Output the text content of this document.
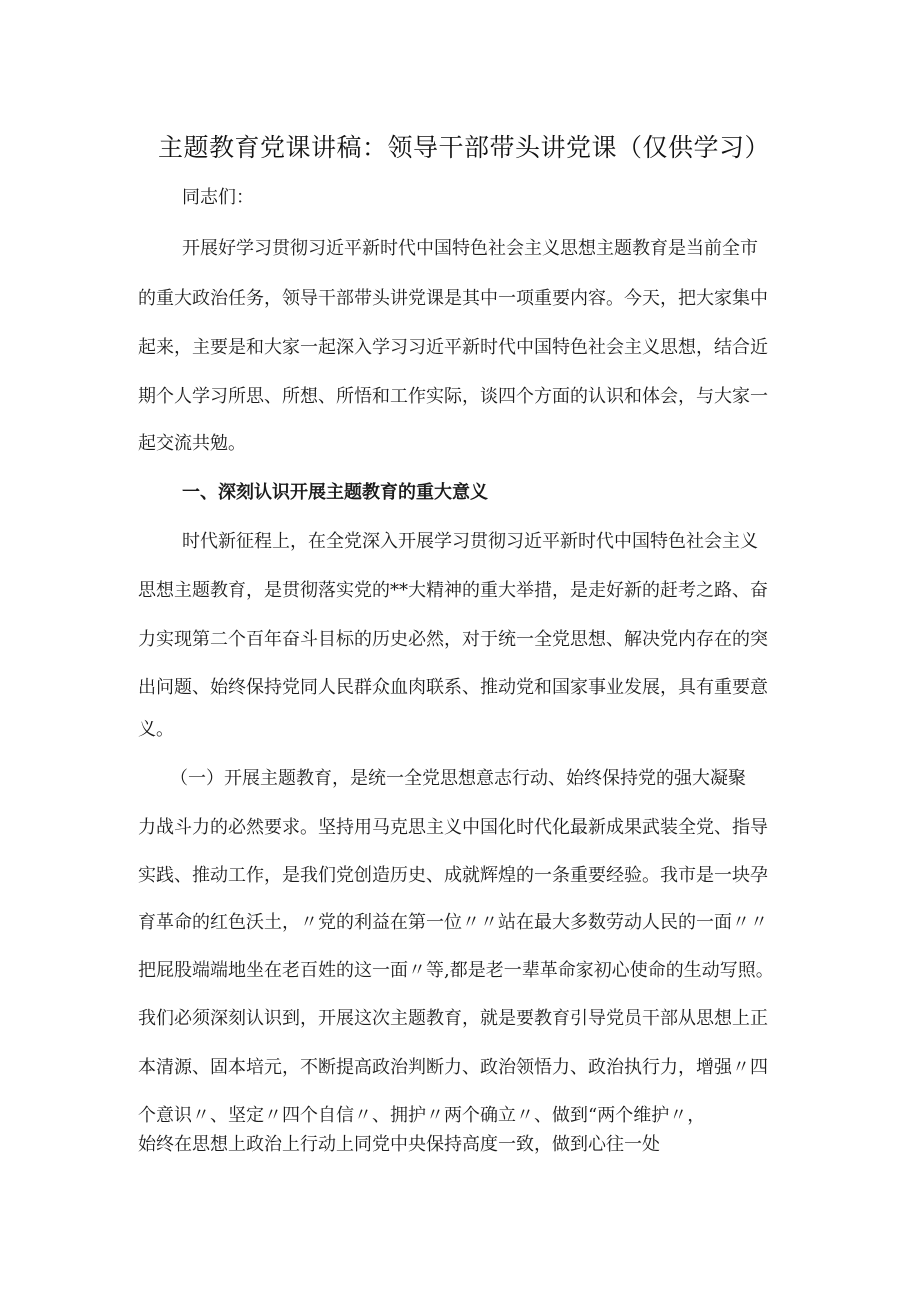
主题教育党课讲稿：领导干部带头讲党课（仅供学习）
同志们：
开展好学习贯彻习近平新时代中国特色社会主义思想主题教育是当前全市
的重大政治任务，领导干部带头讲党课是其中一项重要内容。今天，把大家集中
起来，主要是和大家一起深入学习习近平新时代中国特色社会主义思想，结合近
期个人学习所思、所想、所悟和工作实际，谈四个方面的认识和体会，与大家一
起交流共勉。
一、深刻认识开展主题教育的重大意义
时代新征程上，在全党深入开展学习贯彻习近平新时代中国特色社会主义
思想主题教育，是贯彻落实党的**大精神的重大举措，是走好新的赶考之路、奋
力实现第二个百年奋斗目标的历史必然，对于统一全党思想、解决党内存在的突
出问题、始终保持党同人民群众血肉联系、推动党和国家事业发展，具有重要意
义。
（一）开展主题教育，是统一全党思想意志行动、始终保持党的强大凝聚
力战斗力的必然要求。坚持用马克思主义中国化时代化最新成果武装全党、指导
实践、推动工作，是我们党创造历史、成就辉煌的一条重要经验。我市是一块孕
育革命的红色沃土，〃党的利益在第一位〃〃站在最大多数劳动人民的一面〃〃
把屁股端端地坐在老百姓的这一面〃等,都是老一辈革命家初心使命的生动写照。
我们必须深刻认识到，开展这次主题教育，就是要教育引导党员干部从思想上正
本清源、固本培元，不断提高政治判断力、政治领悟力、政治执行力，增强〃四
个意识〃、坚定〃四个自信〃、拥护〃两个确立〃、做到“两个维护〃，
始终在思想上政治上行动上同党中央保持高度一致，做到心往一处
